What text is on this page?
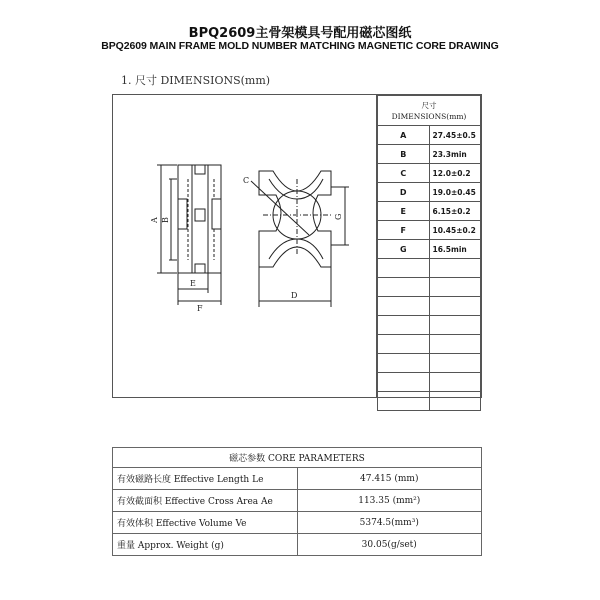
BPQ2609主骨架模具号配用磁芯图纸
BPQ2609 MAIN FRAME MOLD NUMBER MATCHING MAGNETIC CORE DRAWING
1. 尺寸 DIMENSIONS(mm)
A B
C
D
E
F
G
尺寸
DIMENSIONS(mm)	

A	27.45±0.5
B	23.3min
C	12.0±0.2
D	19.0±0.45
E	6.15±0.2
F	10.45±0.2
G	16.5min

磁芯参数 CORE PARAMETERS	
有效磁路长度 Effective Length Le	47.415 (mm)
有效截面积 Effective Cross Area Ae	113.35 (mm²)
有效体积 Effective Volume Ve	5374.5(mm³)
重量 Approx. Weight (g)	30.05(g/set)
